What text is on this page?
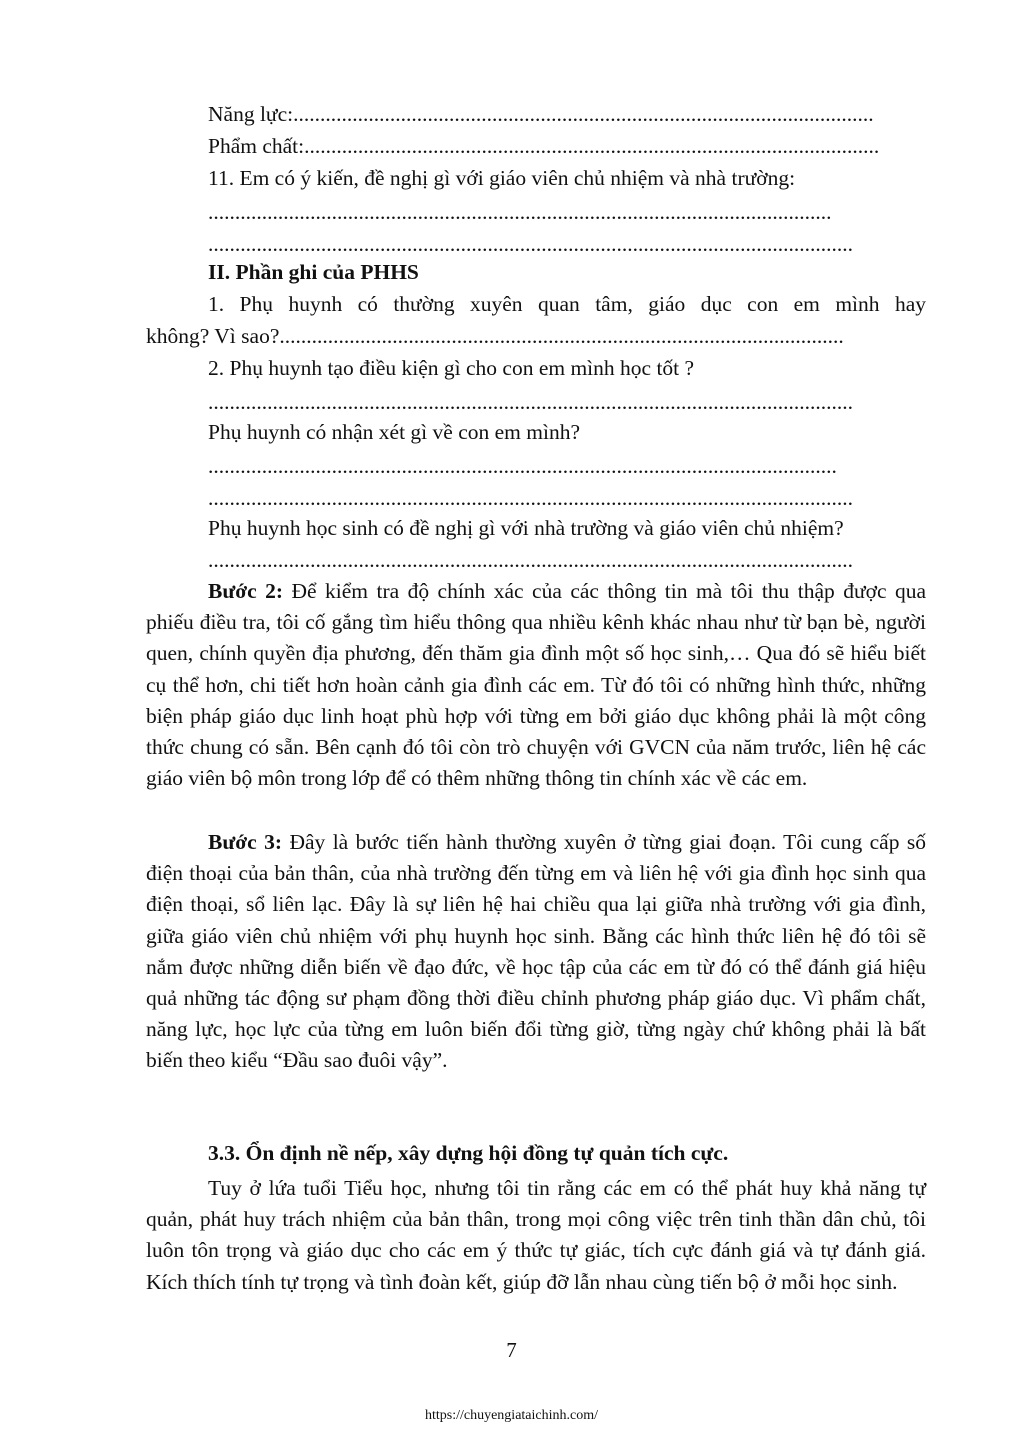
Năng lực:............................................................................................................
Phẩm chất:...........................................................................................................
11. Em có ý kiến, đề nghị gì với giáo viên chủ nhiệm và nhà trường:
....................................................................................................................
........................................................................................................................
II. Phần ghi của PHHS
1. Phụ huynh có thường xuyên quan tâm, giáo dục con em mình hay
không? Vì sao?.........................................................................................................
2. Phụ huynh tạo điều kiện gì cho con em mình học tốt ?
........................................................................................................................
Phụ huynh có nhận xét gì về con em mình?
.....................................................................................................................
........................................................................................................................
Phụ huynh học sinh có đề nghị gì với nhà trường và giáo viên chủ nhiệm?
........................................................................................................................

Bước 2: Để kiểm tra độ chính xác của các thông tin mà tôi thu thập được qua phiếu điều tra, tôi cố gắng tìm hiểu thông qua nhiều kênh khác nhau như từ bạn bè, người quen, chính quyền địa phương, đến thăm gia đình một số học sinh,… Qua đó sẽ hiểu biết cụ thể hơn, chi tiết hơn hoàn cảnh gia đình các em. Từ đó tôi có những hình thức, những biện pháp giáo dục linh hoạt phù hợp với từng em bởi giáo dục không phải là một công thức chung có sẵn. Bên cạnh đó tôi còn trò chuyện với GVCN của năm trước, liên hệ các giáo viên bộ môn trong lớp để có thêm những thông tin chính xác về các em.

Bước 3: Đây là bước tiến hành thường xuyên ở từng giai đoạn. Tôi cung cấp số điện thoại của bản thân, của nhà trường đến từng em và liên hệ với gia đình học sinh qua điện thoại, sổ liên lạc. Đây là sự liên hệ hai chiều qua lại giữa nhà trường với gia đình, giữa giáo viên chủ nhiệm với phụ huynh học sinh. Bằng các hình thức liên hệ đó tôi sẽ nắm được những diễn biến về đạo đức, về học tập của các em từ đó có thể đánh giá hiệu quả những tác động sư phạm đồng thời điều chỉnh phương pháp giáo dục. Vì phẩm chất, năng lực, học lực của từng em luôn biến đổi từng giờ, từng ngày chứ không phải là bất biến theo kiểu “Đầu sao đuôi vậy”.

3.3. Ổn định nề nếp, xây dựng hội đồng tự quản tích cực.

Tuy ở lứa tuổi Tiểu học, nhưng tôi tin rằng các em có thể phát huy khả năng tự quản, phát huy trách nhiệm của bản thân, trong mọi công việc trên tinh thần dân chủ, tôi luôn tôn trọng và giáo dục cho các em ý thức tự giác, tích cực đánh giá và tự đánh giá. Kích thích tính tự trọng và tình đoàn kết, giúp đỡ lẫn nhau cùng tiến bộ ở mỗi học sinh.

7
https://chuyengiataichinh.com/
